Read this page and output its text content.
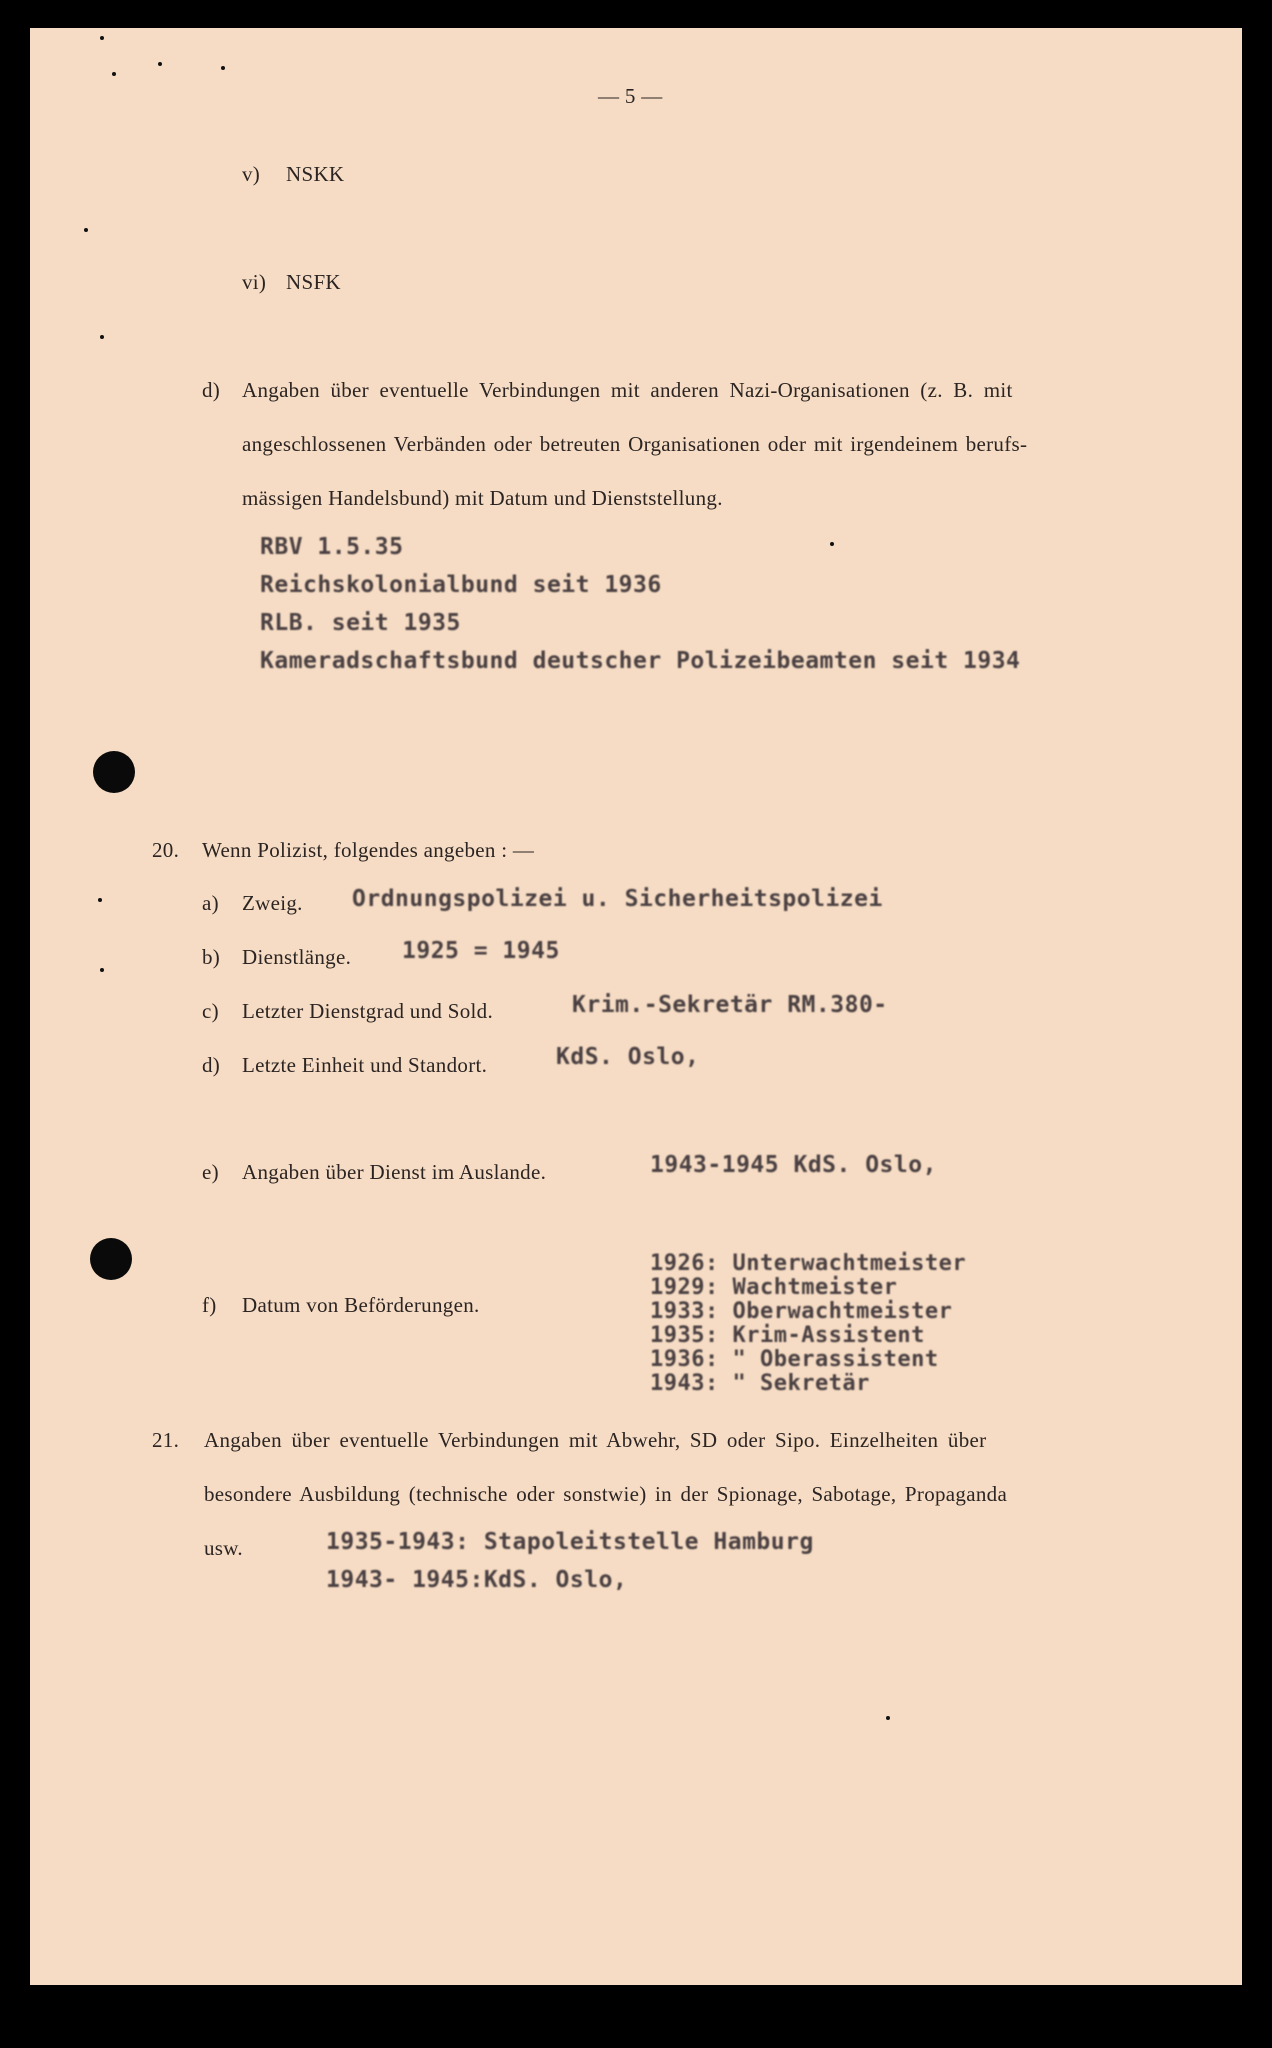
— 5 —
v) NSKK
vi) NSFK
d) Angaben über eventuelle Verbindungen mit anderen Nazi-Organisationen (z. B. mit
angeschlossenen Verbänden oder betreuten Organisationen oder mit irgendeinem berufs-
mässigen Handelsbund) mit Datum und Dienststellung.
RBV 1.5.35
Reichskolonialbund seit 1936
RLB. seit 1935
Kameradschaftsbund deutscher Polizeibeamten seit 1934
20. Wenn Polizist, folgendes angeben : —
a) Zweig. Ordnungspolizei u. Sicherheitspolizei
b) Dienstlänge. 1925 = 1945
c) Letzter Dienstgrad und Sold.	Krim.-Sekretär RM.380-
d) Letzte Einheit und Standort.	KdS. Oslo,
e) Angaben über Dienst im Auslande.	1943-1945 KdS. Oslo,
f) Datum von Beförderungen.
1926: Unterwachtmeister
1929: Wachtmeister
1933: Oberwachtmeister
1935: Krim-Assistent
1936: " Oberassistent
1943: " Sekretär
21. Angaben über eventuelle Verbindungen mit Abwehr, SD oder Sipo. Einzelheiten über
besondere Ausbildung (technische oder sonstwie) in der Spionage, Sabotage, Propaganda
usw.	1935-1943: Stapoleitstelle Hamburg
1943- 1945:KdS. Oslo,
